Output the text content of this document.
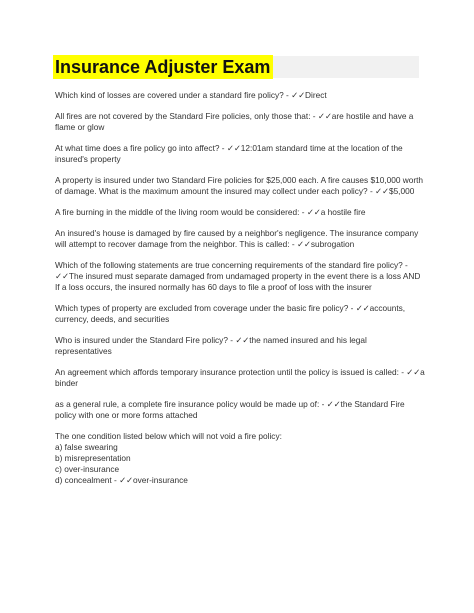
Insurance Adjuster Exam

Which kind of losses are covered under a standard fire policy? - ✓✓Direct

All fires are not covered by the Standard Fire policies, only those that: - ✓✓are hostile and have a flame or glow

At what time does a fire policy go into affect? - ✓✓12:01am standard time at the location of the insured's property

A property is insured under two Standard Fire policies for $25,000 each. A fire causes $10,000 worth of damage. What is the maximum amount the insured may collect under each policy? - ✓✓$5,000

A fire burning in the middle of the living room would be considered: - ✓✓a hostile fire

An insured's house is damaged by fire caused by a neighbor's negligence. The insurance company will attempt to recover damage from the neighbor. This is called: - ✓✓subrogation

Which of the following statements are true concerning requirements of the standard fire policy? - ✓✓The insured must separate damaged from undamaged property in the event there is a loss AND If a loss occurs, the insured normally has 60 days to file a proof of loss with the insurer

Which types of property are excluded from coverage under the basic fire policy? - ✓✓accounts, currency, deeds, and securities

Who is insured under the Standard Fire policy? - ✓✓the named insured and his legal representatives

An agreement which affords temporary insurance protection until the policy is issued is called: - ✓✓a binder

as a general rule, a complete fire insurance policy would be made up of: - ✓✓the Standard Fire policy with one or more forms attached

The one condition listed below which will not void a fire policy:
a) false swearing
b) misrepresentation
c) over-insurance
d) concealment - ✓✓over-insurance
